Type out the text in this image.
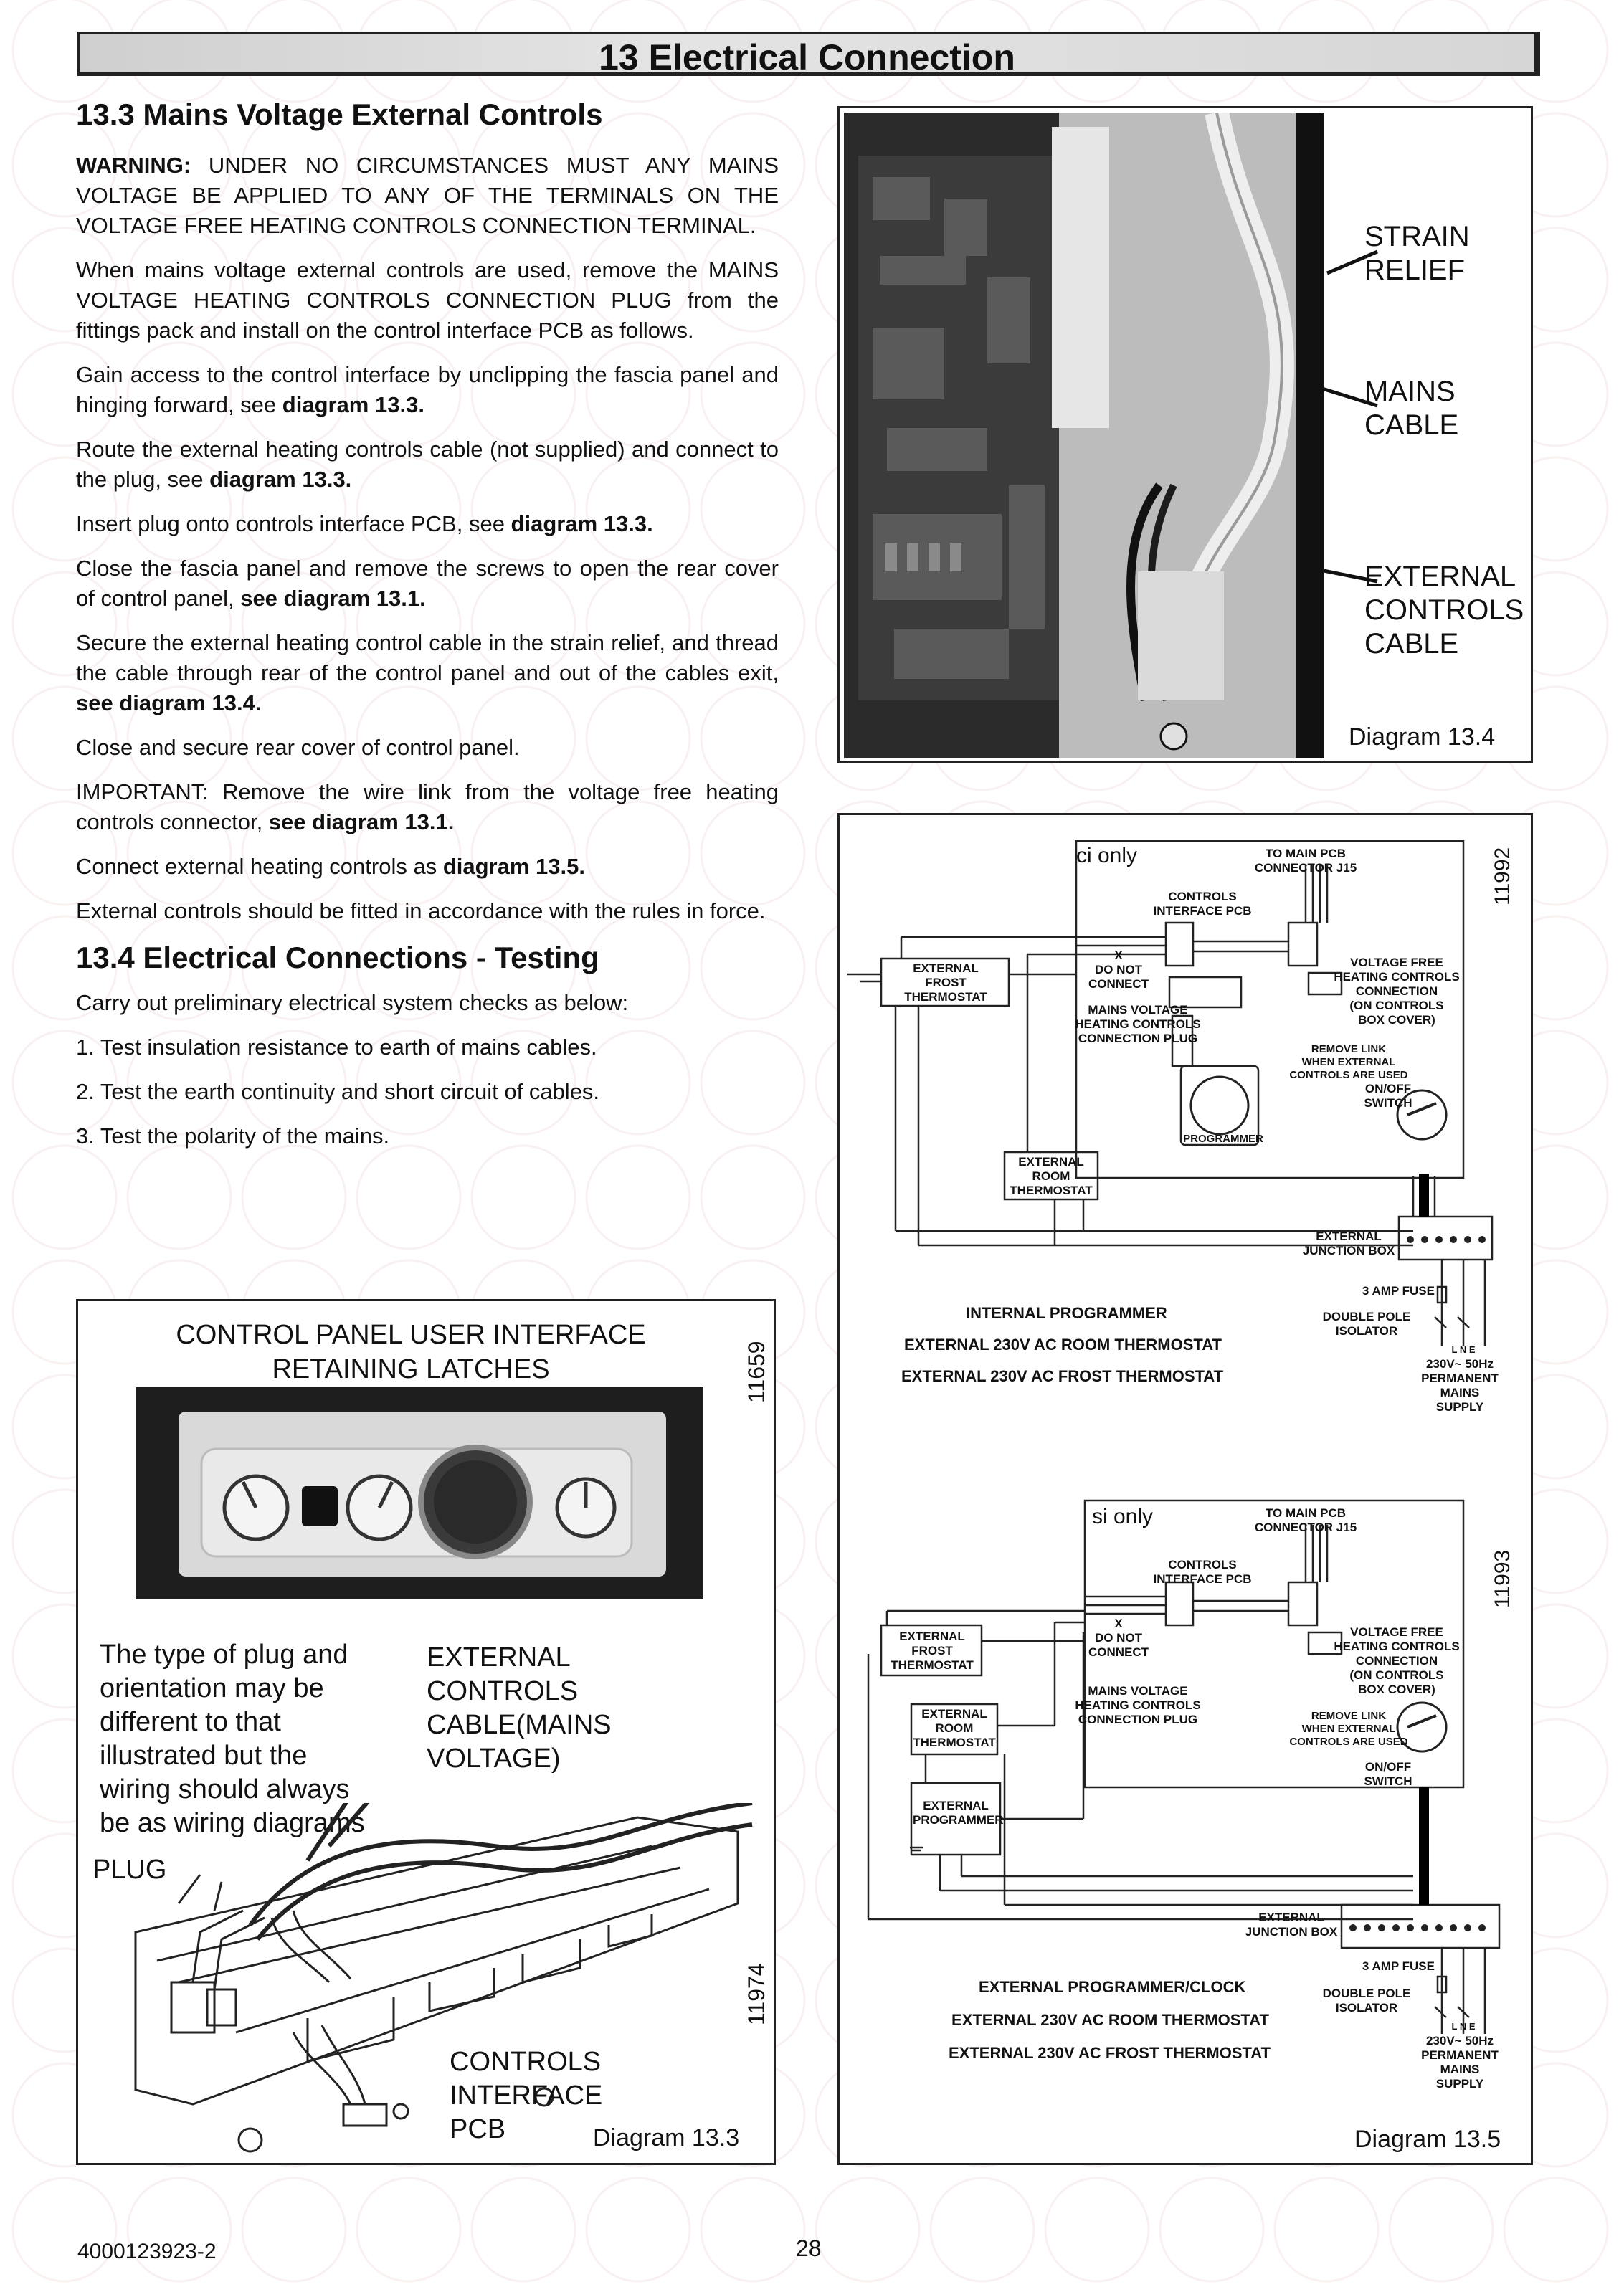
13 Electrical Connection
13.3 Mains Voltage External Controls
WARNING: UNDER NO CIRCUMSTANCES MUST ANY MAINS VOLTAGE BE APPLIED TO ANY OF THE TERMINALS ON THE VOLTAGE FREE HEATING CONTROLS CONNECTION TERMINAL.
When mains voltage external controls are used, remove the MAINS VOLTAGE HEATING CONTROLS CONNECTION PLUG from the fittings pack and install on the control interface PCB as follows.
Gain access to the control interface by unclipping the fascia panel and hinging forward, see diagram 13.3.
Route the external heating controls cable (not supplied) and connect to the plug, see diagram 13.3.
Insert plug onto controls interface PCB, see diagram 13.3.
Close the fascia panel and remove the screws to open the rear cover of control panel, see diagram 13.1.
Secure the external heating control cable in the strain relief, and thread the cable through rear of the control panel and out of the cables exit, see diagram 13.4.
Close and secure rear cover of control panel.
IMPORTANT: Remove the wire link from the voltage free heating controls connector, see diagram 13.1.
Connect external heating controls as diagram 13.5.
External controls should be fitted in accordance with the rules in force.
13.4 Electrical Connections - Testing
Carry out preliminary electrical system checks as below:
1. Test insulation resistance to earth of mains cables.
2. Test the earth continuity and short circuit of cables.
3. Test the polarity of the mains.
CONTROL PANEL USER INTERFACE
RETAINING LATCHES	11659
The type of plug and
orientation may be
different to that
illustrated but the
wiring should always
be as wiring diagrams
EXTERNAL
CONTROLS
CABLE(MAINS
VOLTAGE)
11974
PLUG
CONTROLS
INTERFACE
PCB	Diagram 13.3
STRAIN
RELIEF
MAINS
CABLE
EXTERNAL
CONTROLS
CABLE
Diagram 13.4
11992
ci only	TO MAIN PCB
CONNECTOR J15
CONTROLS
INTERFACE PCB
EXTERNAL
FROST
THERMOSTAT
X
DO NOT
CONNECT
VOLTAGE FREE
HEATING CONTROLS
CONNECTION
(ON CONTROLS
BOX COVER)
MAINS VOLTAGE
HEATING CONTROLS
CONNECTION PLUG
REMOVE LINK
WHEN EXTERNAL
CONTROLS ARE USED
ON/OFF
SWITCH
PROGRAMMER
EXTERNAL
ROOM
THERMOSTAT
EXTERNAL
JUNCTION BOX
3 AMP FUSE
DOUBLE POLE
ISOLATOR
L N E
230V~ 50Hz
PERMANENT
MAINS
SUPPLY
INTERNAL PROGRAMMER
EXTERNAL 230V AC ROOM THERMOSTAT
EXTERNAL 230V AC FROST THERMOSTAT
11993
si only	TO MAIN PCB
CONNECTOR J15
CONTROLS
INTERFACE PCB
EXTERNAL
FROST
THERMOSTAT
X
DO NOT
CONNECT
VOLTAGE FREE
HEATING CONTROLS
CONNECTION
(ON CONTROLS
BOX COVER)
MAINS VOLTAGE
HEATING CONTROLS
CONNECTION PLUG	REMOVE LINK
WHEN EXTERNAL
CONTROLS ARE USED
ON/OFF
SWITCH
EXTERNAL
ROOM
THERMOSTAT
EXTERNAL
PROGRAMMER
EXTERNAL
JUNCTION BOX
3 AMP FUSE
DOUBLE POLE
ISOLATOR
L N E
230V~ 50Hz
PERMANENT
MAINS
SUPPLY
EXTERNAL PROGRAMMER/CLOCK
EXTERNAL 230V AC ROOM THERMOSTAT
EXTERNAL 230V AC FROST THERMOSTAT
Diagram 13.5
4000123923-2	28
